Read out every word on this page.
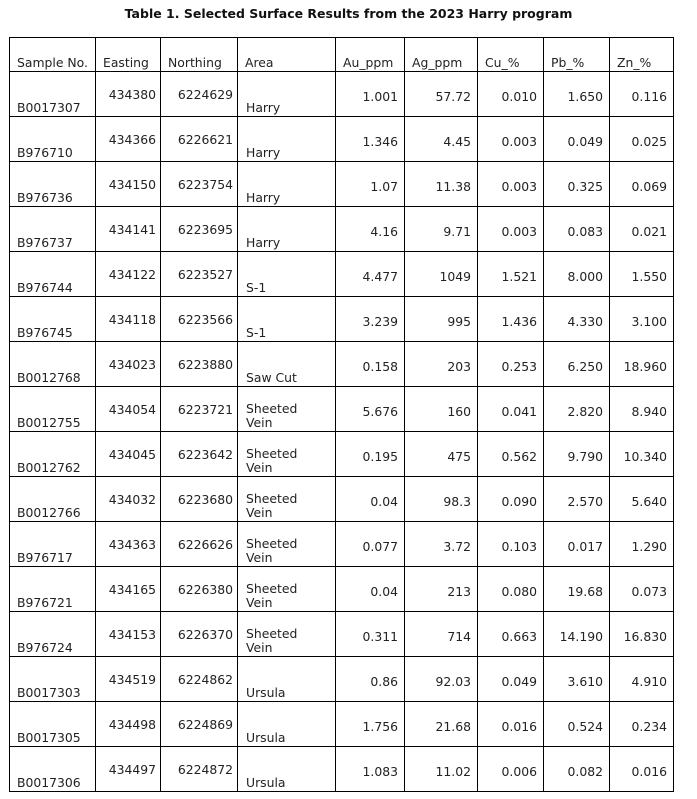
Table 1. Selected Surface Results from the 2023 Harry program
Sample No.	Easting	Northing	Area	Au_ppm	Ag_ppm	Cu_%	Pb_%	Zn_%

B0017307	434380	6224629	Harry	1.001	57.72	0.010	1.650	0.116

B976710	434366	6226621	Harry	1.346	4.45	0.003	0.049	0.025

B976736	434150	6223754	Harry	1.07	11.38	0.003	0.325	0.069

B976737	434141	6223695	Harry	4.16	9.71	0.003	0.083	0.021

B976744	434122	6223527	S-1	4.477	1049	1.521	8.000	1.550

B976745	434118	6223566	S-1	3.239	995	1.436	4.330	3.100

B0012768	434023	6223880	Saw Cut	0.158	203	0.253	6.250	18.960

B0012755	434054	6223721	Sheeted Vein	5.676	160	0.041	2.820	8.940

B0012762	434045	6223642	Sheeted Vein	0.195	475	0.562	9.790	10.340

B0012766	434032	6223680	Sheeted Vein	0.04	98.3	0.090	2.570	5.640

B976717	434363	6226626	Sheeted Vein	0.077	3.72	0.103	0.017	1.290

B976721	434165	6226380	Sheeted Vein	0.04	213	0.080	19.68	0.073

B976724	434153	6226370	Sheeted Vein	0.311	714	0.663	14.190	16.830

B0017303	434519	6224862	Ursula	0.86	92.03	0.049	3.610	4.910

B0017305	434498	6224869	Ursula	1.756	21.68	0.016	0.524	0.234

B0017306	434497	6224872	Ursula	1.083	11.02	0.006	0.082	0.016
